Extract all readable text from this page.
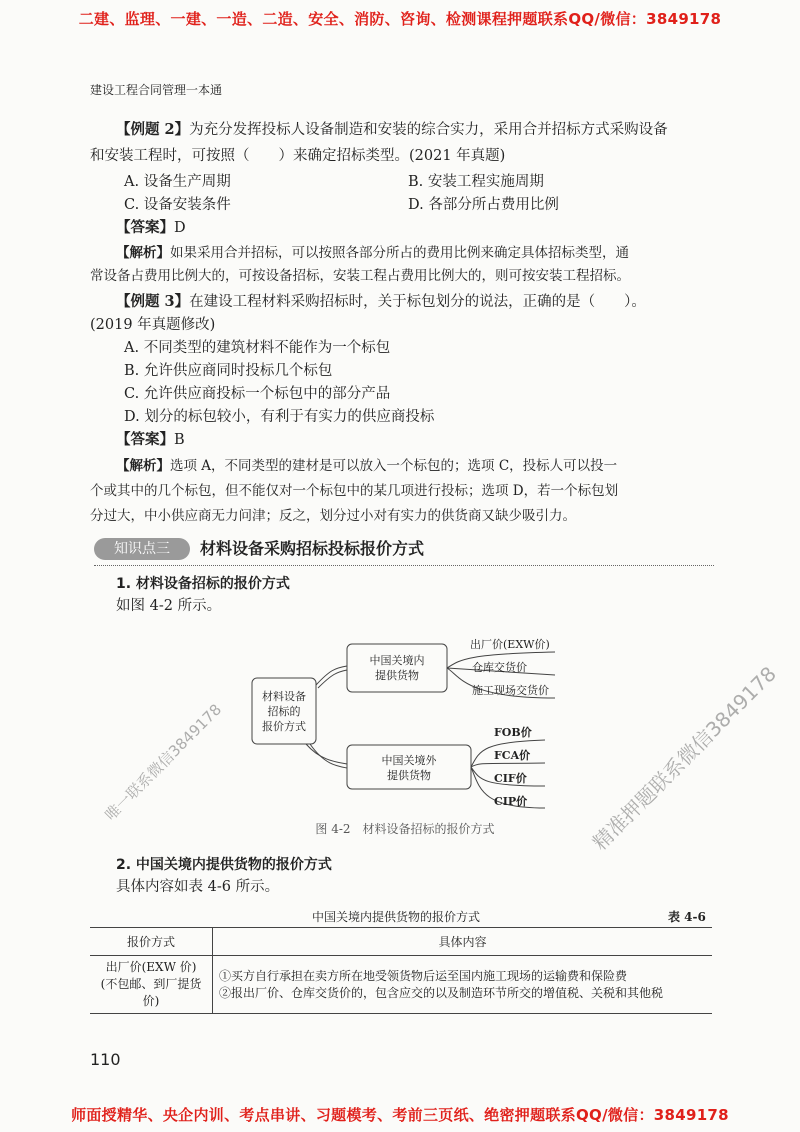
二建、监理、一建、一造、二造、安全、消防、咨询、检测课程押题联系QQ/微信：3849178
建设工程合同管理一本通
【例题 2】为充分发挥投标人设备制造和安装的综合实力，采用合并招标方式采购设备
和安装工程时，可按照（　　）来确定招标类型。(2021 年真题)
A. 设备生产周期	B. 安装工程实施周期
C. 设备安装条件	D. 各部分所占费用比例
【答案】D
【解析】如果采用合并招标，可以按照各部分所占的费用比例来确定具体招标类型，通
常设备占费用比例大的，可按设备招标，安装工程占费用比例大的，则可按安装工程招标。
【例题 3】在建设工程材料采购招标时，关于标包划分的说法，正确的是（　　）。
(2019 年真题修改)
A. 不同类型的建筑材料不能作为一个标包
B. 允许供应商同时投标几个标包
C. 允许供应商投标一个标包中的部分产品
D. 划分的标包较小，有利于有实力的供应商投标
【答案】B
【解析】选项 A，不同类型的建材是可以放入一个标包的；选项 C，投标人可以投一
个或其中的几个标包，但不能仅对一个标包中的某几项进行投标；选项 D，若一个标包划
分过大，中小供应商无力问津；反之，划分过小对有实力的供货商又缺少吸引力。
知识点三	材料设备采购招标投标报价方式
1. 材料设备招标的报价方式
如图 4-2 所示。
材料设备
招标的
报价方式
中国关境内
提供货物
中国关境外
提供货物
出厂价(EXW价)
仓库交货价
施工现场交货价
FOB价
FCA价
CIF价
CIP价
图 4-2　材料设备招标的报价方式
2. 中国关境内提供货物的报价方式
具体内容如表 4-6 所示。
中国关境内提供货物的报价方式	表 4-6
报价方式	具体内容
出厂价(EXW 价)
(不包邮、到厂提货价)	①买方自行承担在卖方所在地受领货物后运至国内施工现场的运输费和保险费
②报出厂价、仓库交货价的，包含应交的以及制造环节所交的增值税、关税和其他税
唯一联系微信3849178	精准押题联系微信3849178
110
师面授精华、央企内训、考点串讲、习题模考、考前三页纸、绝密押题联系QQ/微信：3849178
